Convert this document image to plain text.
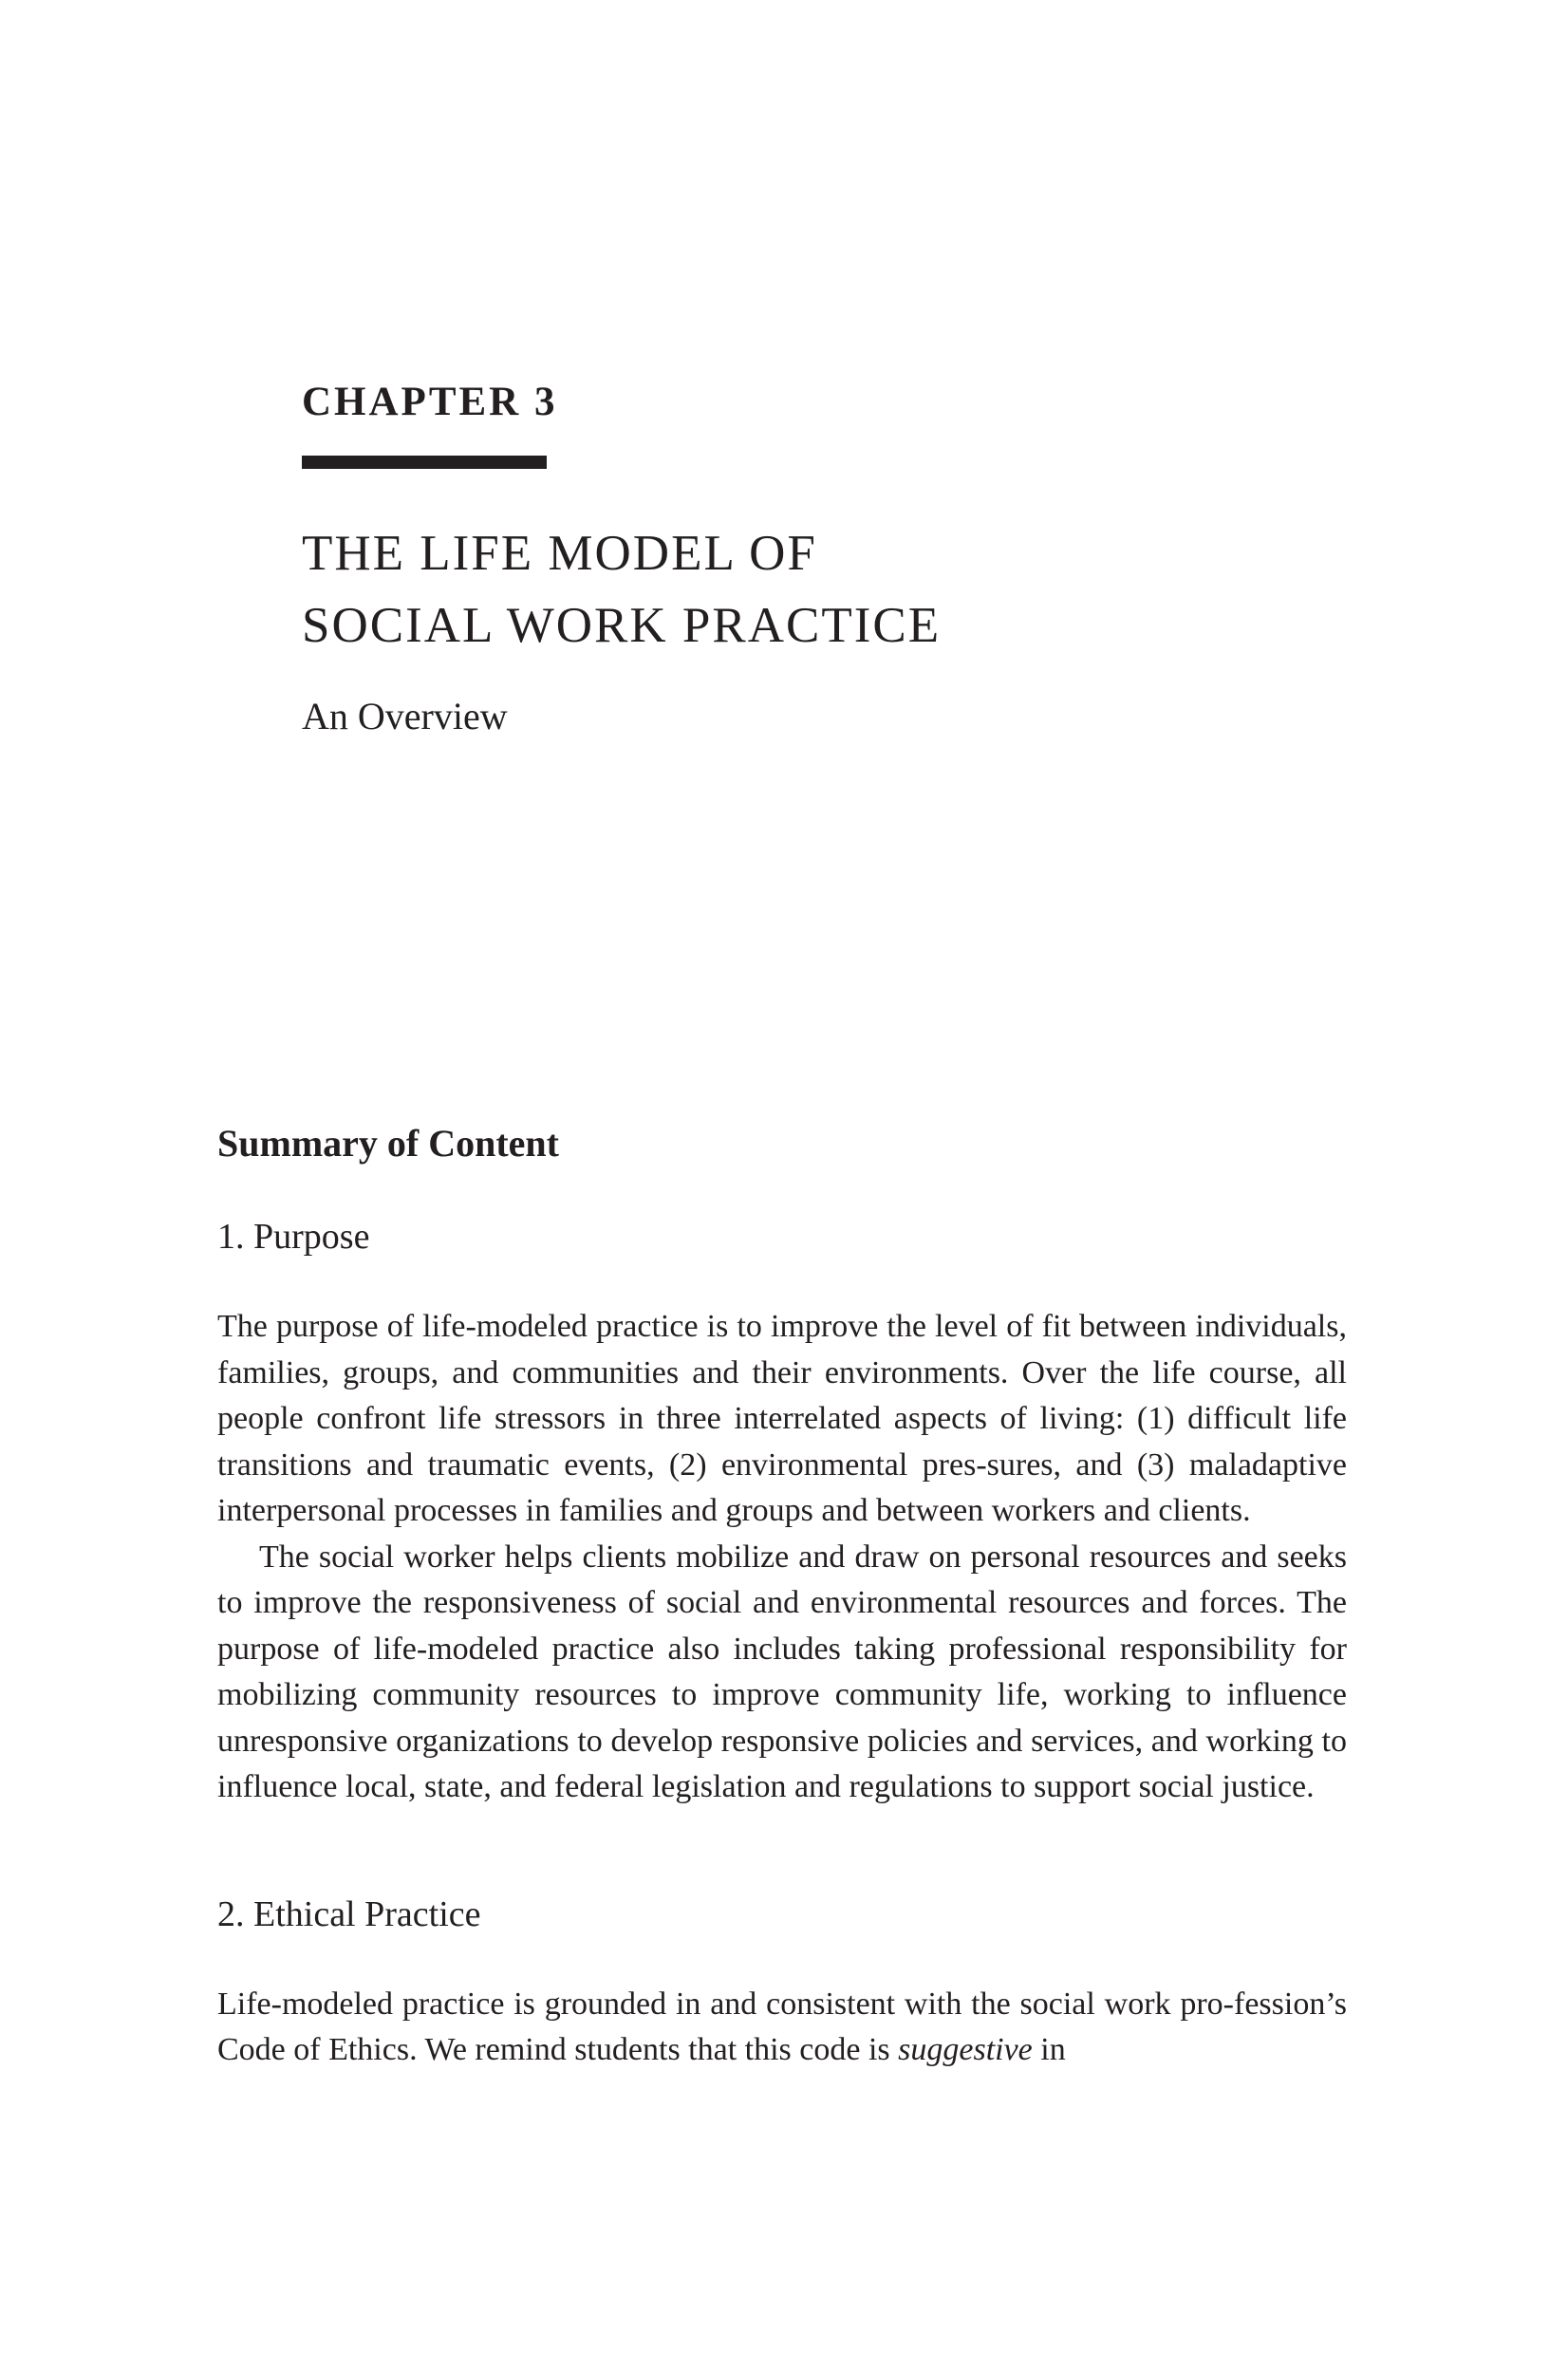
CHAPTER 3
THE LIFE MODEL OF
SOCIAL WORK PRACTICE
An Overview
Summary of Content
1. Purpose

The purpose of life-modeled practice is to improve the level of fit between individuals, families, groups, and communities and their environments. Over the life course, all people confront life stressors in three interrelated aspects of living: (1) difficult life transitions and traumatic events, (2) environmental pres-sures, and (3) maladaptive interpersonal processes in families and groups and between workers and clients.

The social worker helps clients mobilize and draw on personal resources and seeks to improve the responsiveness of social and environmental resources and forces. The purpose of life-modeled practice also includes taking professional responsibility for mobilizing community resources to improve community life, working to influence unresponsive organizations to develop responsive policies and services, and working to influence local, state, and federal legislation and regulations to support social justice.

2. Ethical Practice

Life-modeled practice is grounded in and consistent with the social work pro-fession’s Code of Ethics. We remind students that this code is suggestive in
